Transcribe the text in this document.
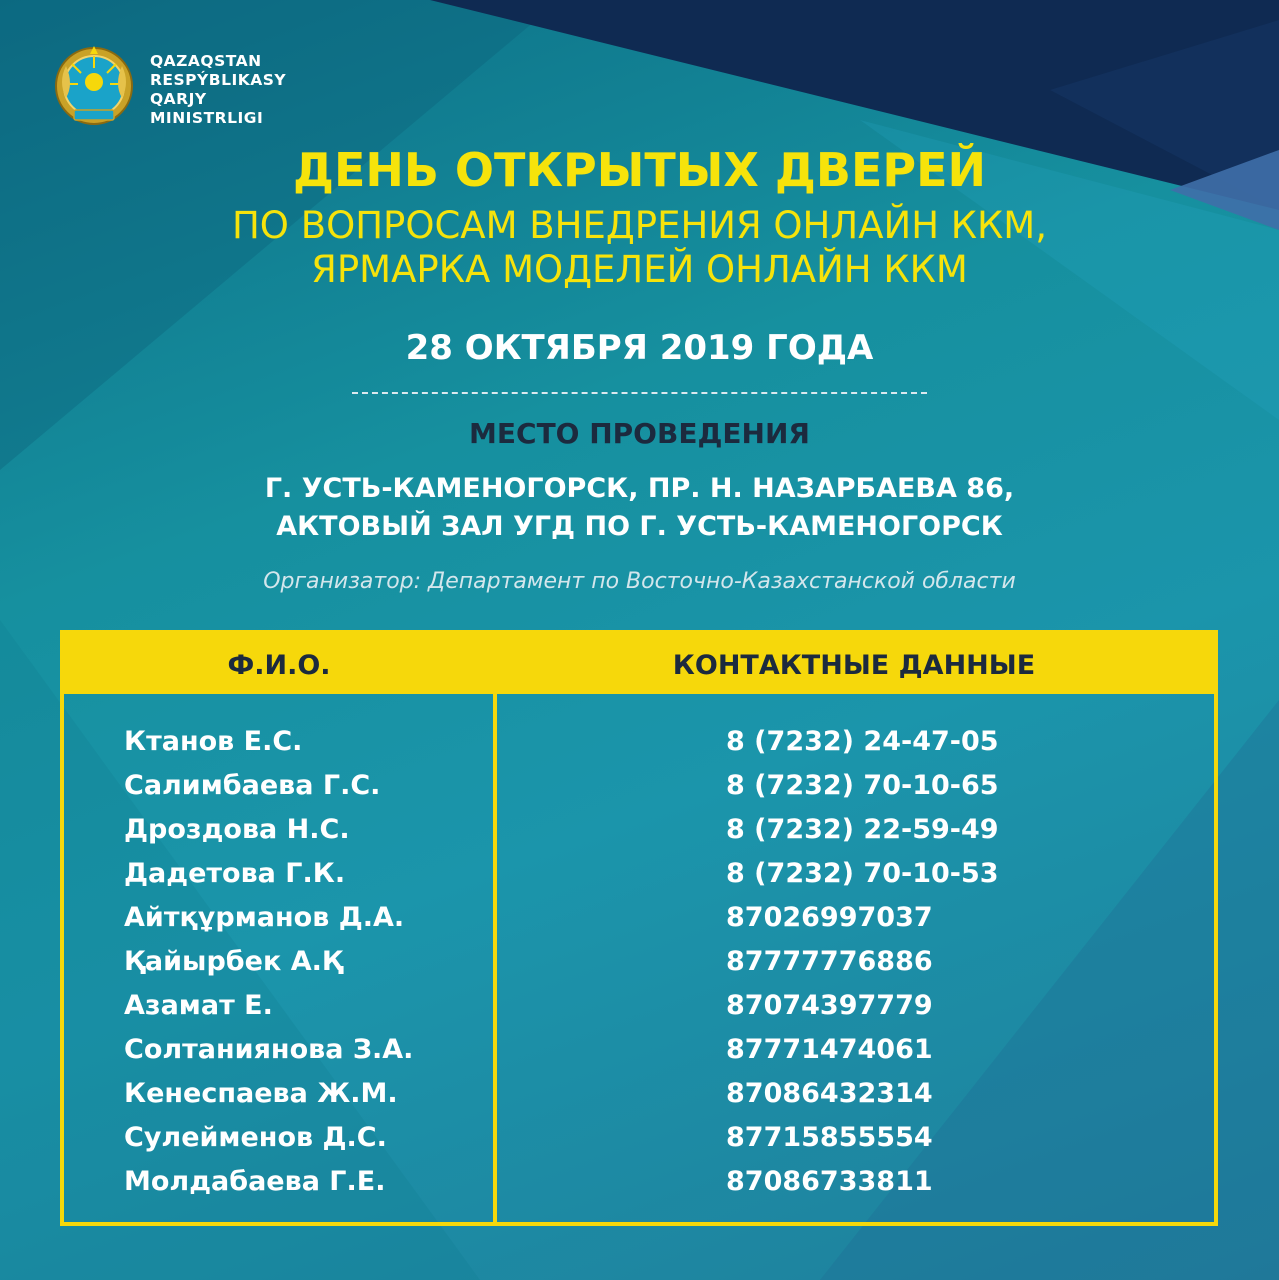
QAZAQSTAN
RESPÝBLIKASY
QARJY
MINISTRLIGI
ДЕНЬ ОТКРЫТЫХ ДВЕРЕЙ
ПО ВОПРОСАМ ВНЕДРЕНИЯ ОНЛАЙН ККМ,
ЯРМАРКА МОДЕЛЕЙ ОНЛАЙН ККМ
28 ОКТЯБРЯ 2019 ГОДА
МЕСТО ПРОВЕДЕНИЯ
Г. УСТЬ-КАМЕНОГОРСК, ПР. Н. НАЗАРБАЕВА 86,
АКТОВЫЙ ЗАЛ УГД ПО Г. УСТЬ-КАМЕНОГОРСК
Организатор: Департамент по Восточно-Казахстанской области
Ф.И.О.	КОНТАКТНЫЕ ДАННЫЕ
Ктанов Е.С.
Салимбаева Г.С.
Дроздова Н.С.
Дадетова Г.К.
Айтқұрманов Д.А.
Қайырбек А.Қ
Азамат Е.
Солтаниянова З.А.
Кенеспаева Ж.М.
Сулейменов Д.С.
Молдабаева Г.Е.
8 (7232) 24-47-05
8 (7232) 70-10-65
8 (7232) 22-59-49
8 (7232) 70-10-53
87026997037
87777776886
87074397779
87771474061
87086432314
87715855554
87086733811
